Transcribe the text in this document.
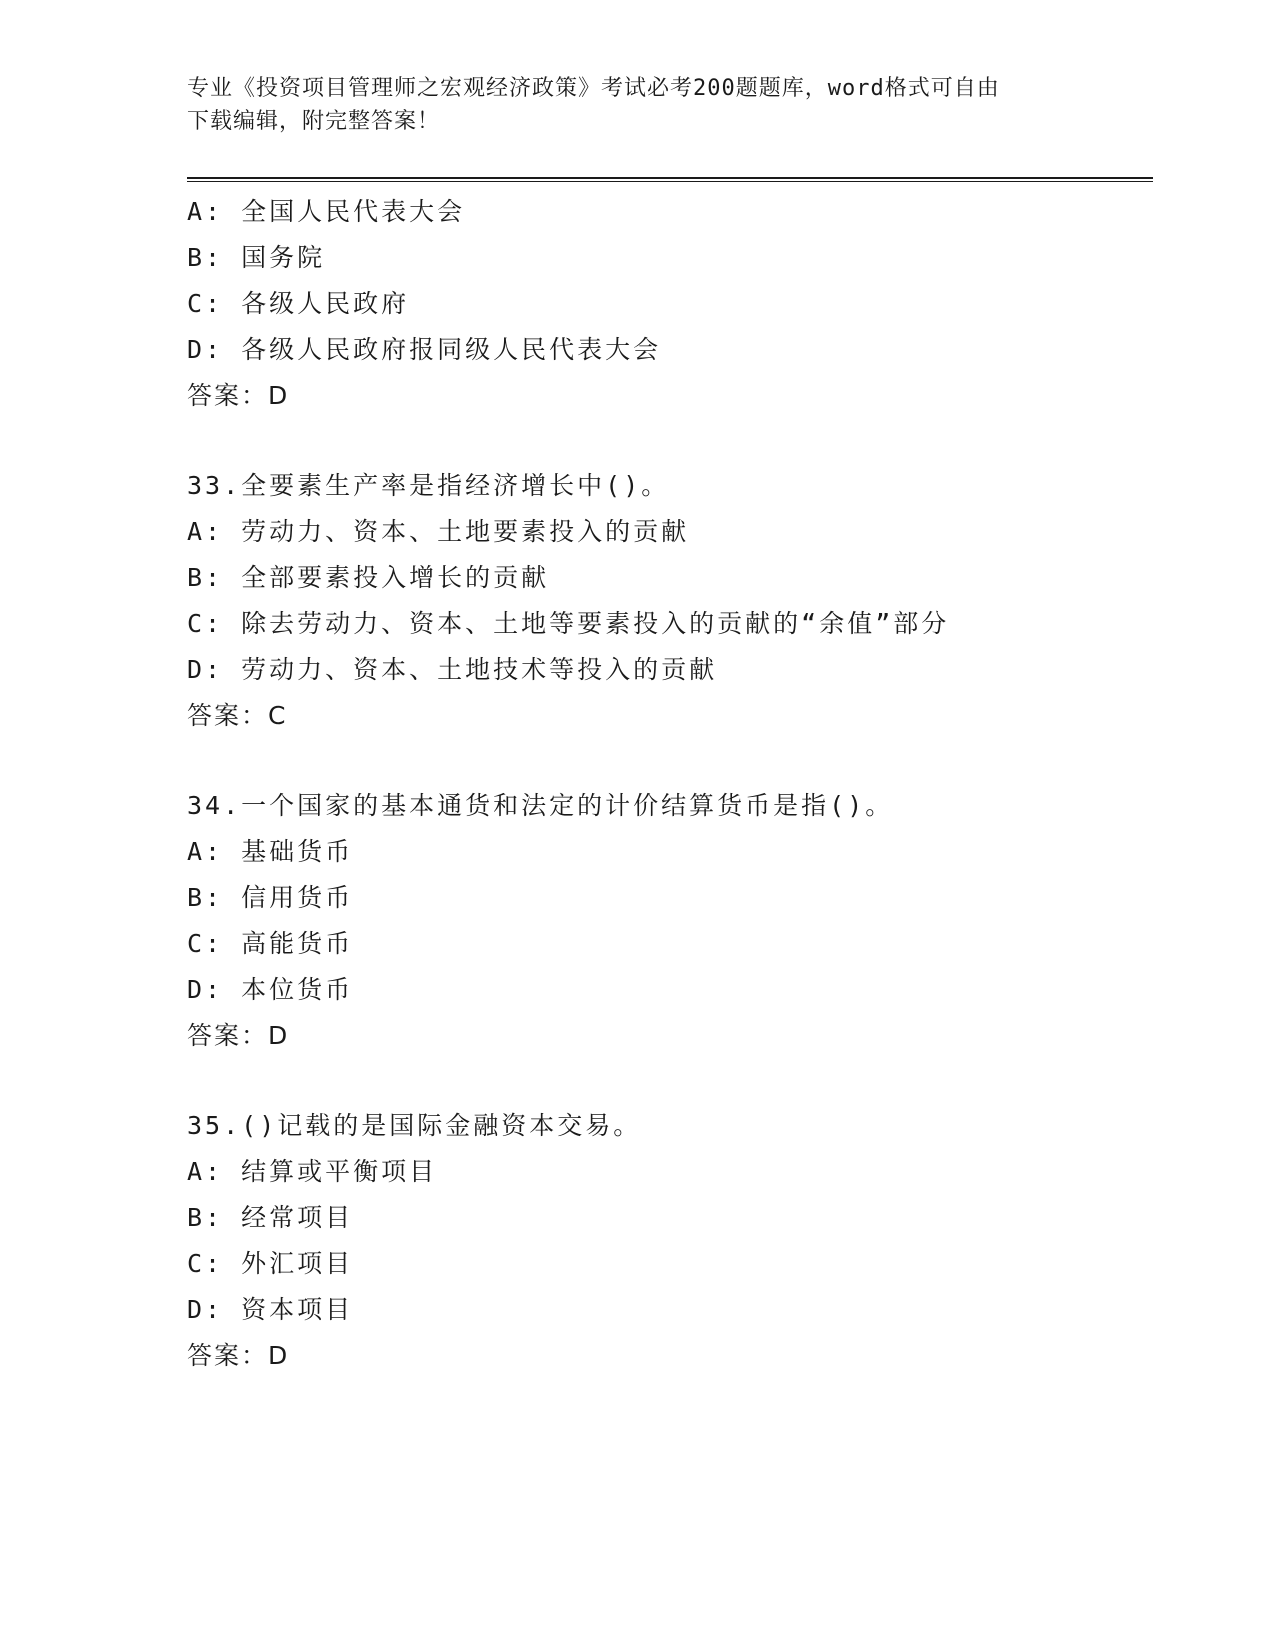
专业《投资项目管理师之宏观经济政策》考试必考200题题库，word格式可自由
下载编辑，附完整答案！
A: 全国人民代表大会
B: 国务院
C: 各级人民政府
D: 各级人民政府报同级人民代表大会
答案：D
33.全要素生产率是指经济增长中()。
A: 劳动力、资本、土地要素投入的贡献
B: 全部要素投入增长的贡献
C: 除去劳动力、资本、土地等要素投入的贡献的“余值”部分
D: 劳动力、资本、土地技术等投入的贡献
答案：C
34.一个国家的基本通货和法定的计价结算货币是指()。
A: 基础货币
B: 信用货币
C: 高能货币
D: 本位货币
答案：D
35.()记载的是国际金融资本交易。
A: 结算或平衡项目
B: 经常项目
C: 外汇项目
D: 资本项目
答案：D
